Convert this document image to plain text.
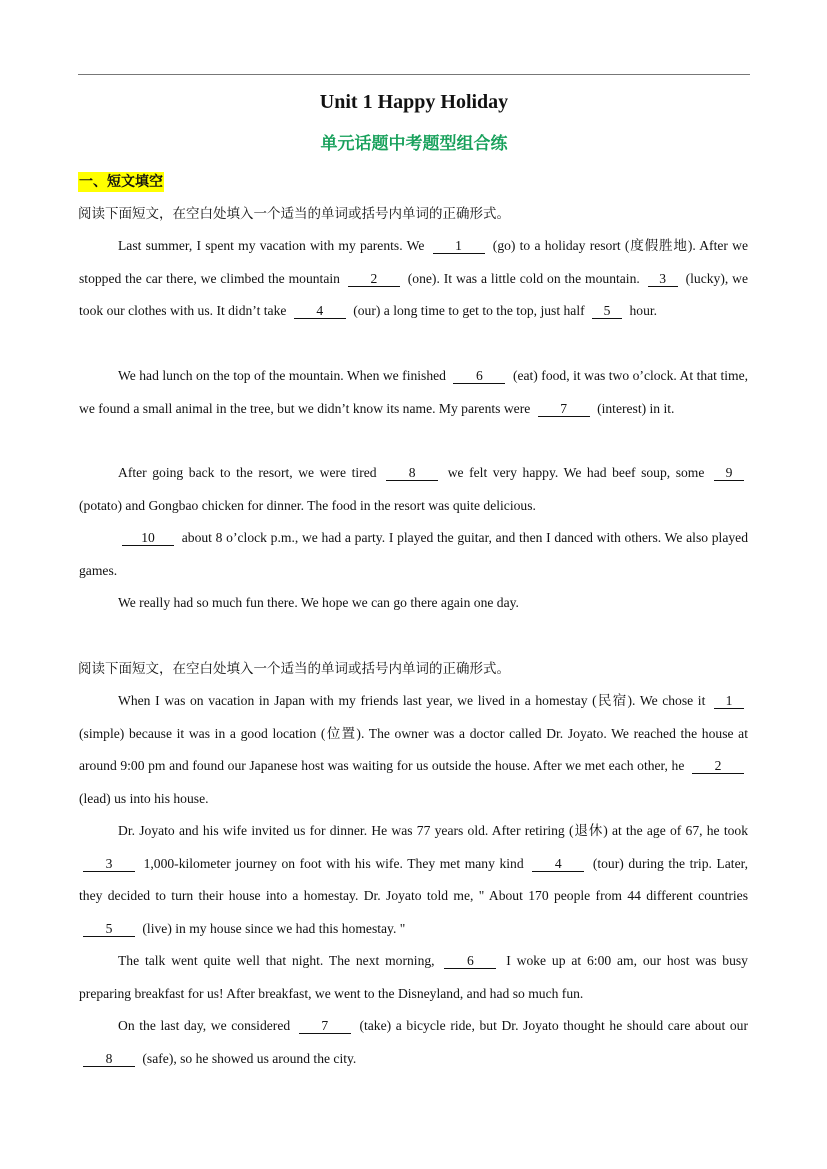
Unit 1 Happy Holiday
单元话题中考题型组合练
一、短文填空
阅读下面短文，在空白处填入一个适当的单词或括号内单词的正确形式。
Last summer, I spent my vacation with my parents. We 1 (go) to a holiday resort (度假胜地). After we stopped the car there, we climbed the mountain 2 (one). It was a little cold on the mountain. 3 (lucky), we took our clothes with us. It didn’t take 4 (our) a long time to get to the top, just half 5 hour.
We had lunch on the top of the mountain. When we finished 6 (eat) food, it was two o’clock. At that time, we found a small animal in the tree, but we didn’t know its name. My parents were 7 (interest) in it.
After going back to the resort, we were tired 8 we felt very happy. We had beef soup, some 9 (potato) and Gongbao chicken for dinner. The food in the resort was quite delicious.
10 about 8 o’clock p.m., we had a party. I played the guitar, and then I danced with others. We also played games.
We really had so much fun there. We hope we can go there again one day.
阅读下面短文，在空白处填入一个适当的单词或括号内单词的正确形式。
When I was on vacation in Japan with my friends last year, we lived in a homestay (民宿). We chose it 1 (simple) because it was in a good location (位置). The owner was a doctor called Dr. Joyato. We reached the house at around 9:00 pm and found our Japanese host was waiting for us outside the house. After we met each other, he 2 (lead) us into his house.
Dr. Joyato and his wife invited us for dinner. He was 77 years old. After retiring (退休) at the age of 67, he took 3 1,000-kilometer journey on foot with his wife. They met many kind 4 (tour) during the trip. Later, they decided to turn their house into a homestay. Dr. Joyato told me, " About 170 people from 44 different countries 5 (live) in my house since we had this homestay. "
The talk went quite well that night. The next morning, 6 I woke up at 6:00 am, our host was busy preparing breakfast for us! After breakfast, we went to the Disneyland, and had so much fun.
On the last day, we considered 7 (take) a bicycle ride, but Dr. Joyato thought he should care about our 8 (safe), so he showed us around the city.
